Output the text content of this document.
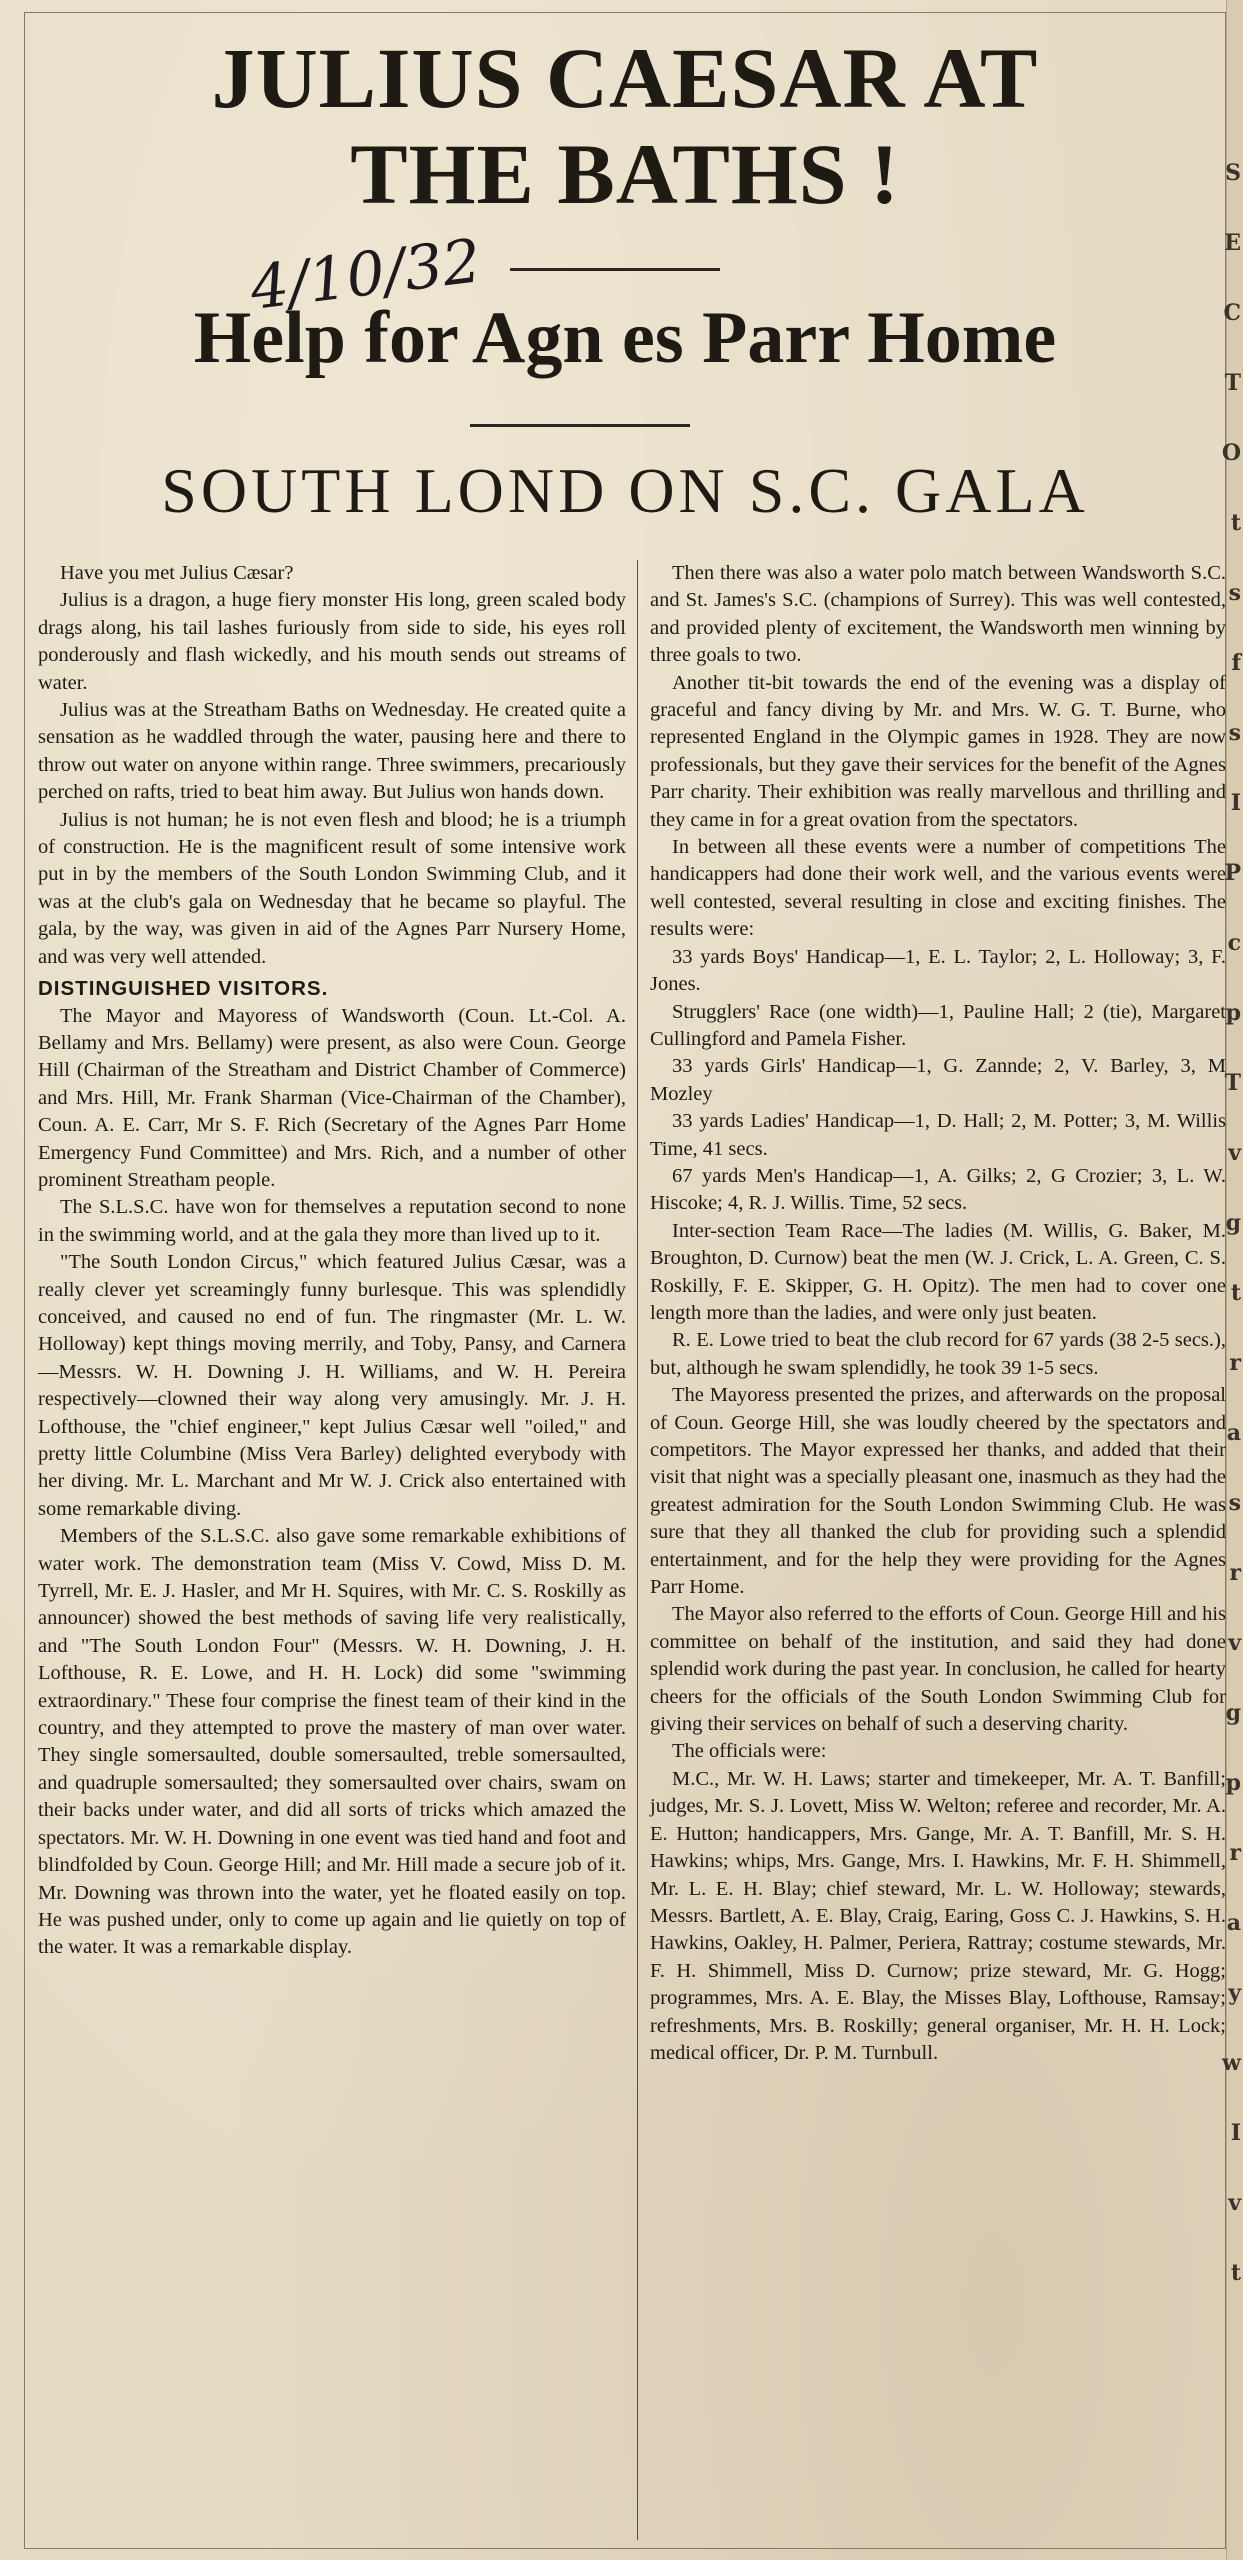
JULIUS CAESAR AT
THE BATHS !
4/10/32
Help for Agn es Parr Home
SOUTH LOND ON S.C. GALA

Have you met Julius Cæsar?

Julius is a dragon, a huge fiery monster His long, green scaled body drags along, his tail lashes furiously from side to side, his eyes roll ponderously and flash wickedly, and his mouth sends out streams of water.

Julius was at the Streatham Baths on Wednesday. He created quite a sensation as he waddled through the water, pausing here and there to throw out water on anyone within range. Three swimmers, precariously perched on rafts, tried to beat him away. But Julius won hands down.

Julius is not human; he is not even flesh and blood; he is a triumph of construction. He is the magnificent result of some intensive work put in by the members of the South London Swimming Club, and it was at the club's gala on Wednesday that he became so playful. The gala, by the way, was given in aid of the Agnes Parr Nursery Home, and was very well attended.

DISTINGUISHED VISITORS.

The Mayor and Mayoress of Wandsworth (Coun. Lt.-Col. A. Bellamy and Mrs. Bellamy) were present, as also were Coun. George Hill (Chairman of the Streatham and District Chamber of Commerce) and Mrs. Hill, Mr. Frank Sharman (Vice-Chairman of the Chamber), Coun. A. E. Carr, Mr S. F. Rich (Secretary of the Agnes Parr Home Emergency Fund Committee) and Mrs. Rich, and a number of other prominent Streatham people.

The S.L.S.C. have won for themselves a reputation second to none in the swimming world, and at the gala they more than lived up to it.

"The South London Circus," which featured Julius Cæsar, was a really clever yet screamingly funny burlesque. This was splendidly conceived, and caused no end of fun. The ringmaster (Mr. L. W. Holloway) kept things moving merrily, and Toby, Pansy, and Carnera—Messrs. W. H. Downing J. H. Williams, and W. H. Pereira respectively—clowned their way along very amusingly. Mr. J. H. Lofthouse, the "chief engineer," kept Julius Cæsar well "oiled," and pretty little Columbine (Miss Vera Barley) delighted everybody with her diving. Mr. L. Marchant and Mr W. J. Crick also entertained with some remarkable diving.

Members of the S.L.S.C. also gave some remarkable exhibitions of water work. The demonstration team (Miss V. Cowd, Miss D. M. Tyrrell, Mr. E. J. Hasler, and Mr H. Squires, with Mr. C. S. Roskilly as announcer) showed the best methods of saving life very realistically, and "The South London Four" (Messrs. W. H. Downing, J. H. Lofthouse, R. E. Lowe, and H. H. Lock) did some "swimming extraordinary." These four comprise the finest team of their kind in the country, and they attempted to prove the mastery of man over water. They single somersaulted, double somersaulted, treble somersaulted, and quadruple somersaulted; they somersaulted over chairs, swam on their backs under water, and did all sorts of tricks which amazed the spectators. Mr. W. H. Downing in one event was tied hand and foot and blindfolded by Coun. George Hill; and Mr. Hill made a secure job of it. Mr. Downing was thrown into the water, yet he floated easily on top. He was pushed under, only to come up again and lie quietly on top of the water. It was a remarkable display.

Then there was also a water polo match between Wandsworth S.C. and St. James's S.C. (champions of Surrey). This was well contested, and provided plenty of excitement, the Wandsworth men winning by three goals to two.

Another tit-bit towards the end of the evening was a display of graceful and fancy diving by Mr. and Mrs. W. G. T. Burne, who represented England in the Olympic games in 1928. They are now professionals, but they gave their services for the benefit of the Agnes Parr charity. Their exhibition was really marvellous and thrilling and they came in for a great ovation from the spectators.

In between all these events were a number of competitions The handicappers had done their work well, and the various events were well contested, several resulting in close and exciting finishes. The results were:

33 yards Boys' Handicap—1, E. L. Taylor; 2, L. Holloway; 3, F. Jones.

Strugglers' Race (one width)—1, Pauline Hall; 2 (tie), Margaret Cullingford and Pamela Fisher.

33 yards Girls' Handicap—1, G. Zannde; 2, V. Barley, 3, M Mozley

33 yards Ladies' Handicap—1, D. Hall; 2, M. Potter; 3, M. Willis Time, 41 secs.

67 yards Men's Handicap—1, A. Gilks; 2, G Crozier; 3, L. W. Hiscoke; 4, R. J. Willis. Time, 52 secs.

Inter-section Team Race—The ladies (M. Willis, G. Baker, M. Broughton, D. Curnow) beat the men (W. J. Crick, L. A. Green, C. S. Roskilly, F. E. Skipper, G. H. Opitz). The men had to cover one length more than the ladies, and were only just beaten.

R. E. Lowe tried to beat the club record for 67 yards (38 2-5 secs.), but, although he swam splendidly, he took 39 1-5 secs.

The Mayoress presented the prizes, and afterwards on the proposal of Coun. George Hill, she was loudly cheered by the spectators and competitors. The Mayor expressed her thanks, and added that their visit that night was a specially pleasant one, inasmuch as they had the greatest admiration for the South London Swimming Club. He was sure that they all thanked the club for providing such a splendid entertainment, and for the help they were providing for the Agnes Parr Home.

The Mayor also referred to the efforts of Coun. George Hill and his committee on behalf of the institution, and said they had done splendid work during the past year. In conclusion, he called for hearty cheers for the officials of the South London Swimming Club for giving their services on behalf of such a deserving charity.

The officials were:

M.C., Mr. W. H. Laws; starter and timekeeper, Mr. A. T. Banfill; judges, Mr. S. J. Lovett, Miss W. Welton; referee and recorder, Mr. A. E. Hutton; handicappers, Mrs. Gange, Mr. A. T. Banfill, Mr. S. H. Hawkins; whips, Mrs. Gange, Mrs. I. Hawkins, Mr. F. H. Shimmell, Mr. L. E. H. Blay; chief steward, Mr. L. W. Holloway; stewards, Messrs. Bartlett, A. E. Blay, Craig, Earing, Goss C. J. Hawkins, S. H. Hawkins, Oakley, H. Palmer, Periera, Rattray; costume stewards, Mr. F. H. Shimmell, Miss D. Curnow; prize steward, Mr. G. Hogg; programmes, Mrs. A. E. Blay, the Misses Blay, Lofthouse, Ramsay; refreshments, Mrs. B. Roskilly; general organiser, Mr. H. H. Lock; medical officer, Dr. P. M. Turnbull.

S
E
C
T
O
t
s
f
s
I
P
c
p
T
v
g
t
r
a
s
r
v
g
p
r
a
y
w
I
v
t
